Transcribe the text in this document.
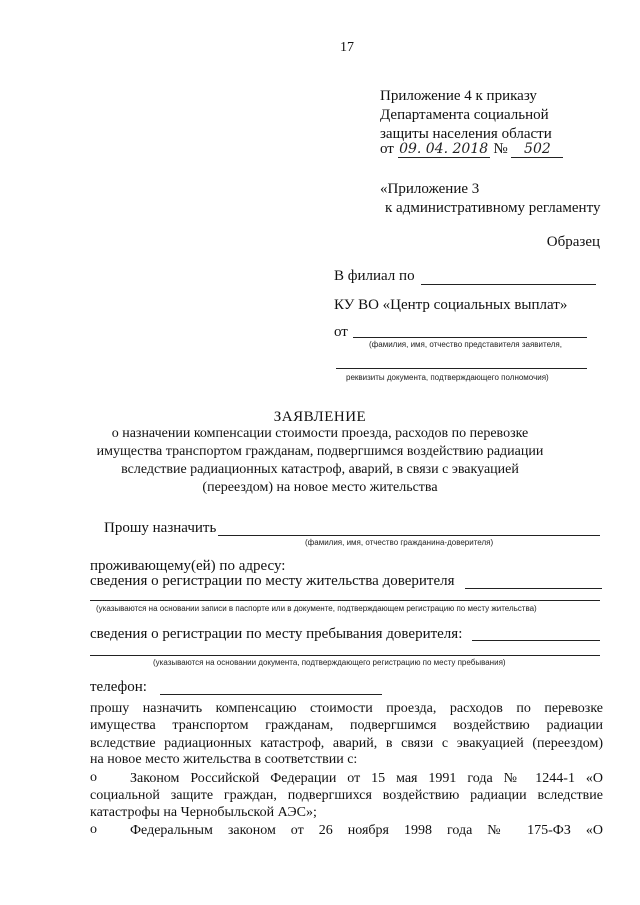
17
Приложение 4 к приказу
Департамента социальной
защиты населения области
от 09. 04. 2018 № 502
«Приложение 3
к административному регламенту
Образец
В филиал по
КУ ВО «Центр социальных выплат»
от
(фамилия, имя, отчество представителя заявителя,
реквизиты документа, подтверждающего полномочия)
ЗАЯВЛЕНИЕ
о назначении компенсации стоимости проезда, расходов по перевозке
имущества транспортом гражданам, подвергшимся воздействию радиации
вследствие радиационных катастроф, аварий, в связи с эвакуацией
(переездом) на новое место жительства
Прошу назначить
(фамилия, имя, отчество гражданина-доверителя)
проживающему(ей) по адресу:
сведения о регистрации по месту жительства доверителя
(указываются на основании записи в паспорте или в документе, подтверждающем регистрацию по месту жительства)
сведения о регистрации по месту пребывания доверителя:
(указываются на основании документа, подтверждающего регистрацию по месту пребывания)
телефон:
прошу назначить компенсацию стоимости проезда, расходов по перевозке
имущества транспортом гражданам, подвергшимся воздействию радиации
вследствие радиационных катастроф, аварий, в связи с эвакуацией (переездом)
на новое место жительства в соответствии с:
o Законом Российской Федерации от 15 мая 1991 года № 1244-1 «О
социальной защите граждан, подвергшихся воздействию радиации вследствие
катастрофы на Чернобыльской АЭС»;
o Федеральным законом от 26 ноября 1998 года № 175-ФЗ «О
